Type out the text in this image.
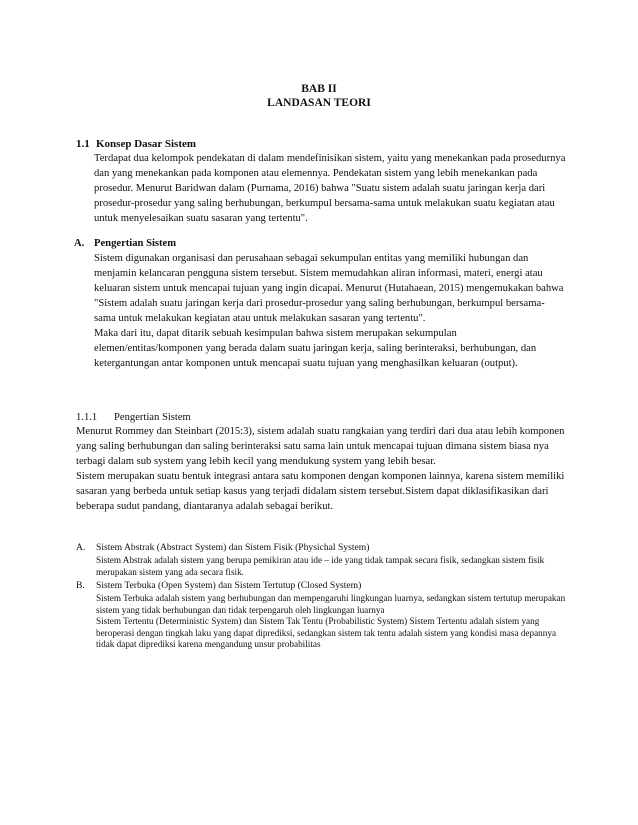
BAB II
LANDASAN TEORI
1.1 Konsep Dasar Sistem

Terdapat dua kelompok pendekatan di dalam mendefinisikan sistem, yaitu yang menekankan pada prosedurnya dan yang menekankan pada komponen atau elemennya. Pendekatan sistem yang lebih menekankan pada prosedur. Menurut Baridwan dalam (Purnama, 2016) bahwa "Suatu sistem adalah suatu jaringan kerja dari prosedur-prosedur yang saling berhubungan, berkumpul bersama-sama untuk melakukan suatu kegiatan atau untuk menyelesaikan suatu sasaran yang tertentu".

A. Pengertian Sistem

Sistem digunakan organisasi dan perusahaan sebagai sekumpulan entitas yang memiliki hubungan dan menjamin kelancaran pengguna sistem tersebut. Sistem memudahkan aliran informasi, materi, energi atau keluaran sistem untuk mencapai tujuan yang ingin dicapai. Menurut (Hutahaean, 2015) mengemukakan bahwa "Sistem adalah suatu jaringan kerja dari prosedur-prosedur yang saling berhubungan, berkumpul bersama-sama untuk melakukan kegiatan atau untuk melakukan sasaran yang tertentu".

Maka dari itu, dapat ditarik sebuah kesimpulan bahwa sistem merupakan sekumpulan elemen/entitas/komponen yang berada dalam suatu jaringan kerja, saling berinteraksi, berhubungan, dan ketergantungan antar komponen untuk mencapai suatu tujuan yang menghasilkan keluaran (output).

1.1.1 Pengertian Sistem

Menurut Rommey dan Steinbart (2015:3), sistem adalah suatu rangkaian yang terdiri dari dua atau lebih komponen yang saling berhubungan dan saling berinteraksi satu sama lain untuk mencapai tujuan dimana sistem biasa nya terbagi dalam sub system yang lebih kecil yang mendukung system yang lebih besar.

Sistem merupakan suatu bentuk integrasi antara satu komponen dengan komponen lainnya, karena sistem memiliki sasaran yang berbeda untuk setiap kasus yang terjadi didalam sistem tersebut.Sistem dapat diklasifikasikan dari beberapa sudut pandang, diantaranya adalah sebagai berikut.

A. Sistem Abstrak (Abstract System) dan Sistem Fisik (Physichal System)

Sistem Abstrak adalah sistem yang berupa pemikiran atau ide – ide yang tidak tampak secara fisik, sedangkan sistem fisik merupakan sistem yang ada secara fisik.

B. Sistem Terbuka (Open System) dan Sistem Tertutup (Closed System)

Sistem Terbuka adalah sistem yang berhubungan dan mempengaruhi lingkungan luarnya, sedangkan sistem tertutup merupakan sistem yang tidak berhubungan dan tidak terpengaruh oleh lingkungan luarnya

Sistem Tertentu (Deterministic System) dan Sistem Tak Tentu (Probabilistic System) Sistem Tertentu adalah sistem yang beroperasi dengan tingkah laku yang dapat diprediksi, sedangkan sistem tak tentu adalah sistem yang kondisi masa depannya tidak dapat diprediksi karena mengandung unsur probabilitas
